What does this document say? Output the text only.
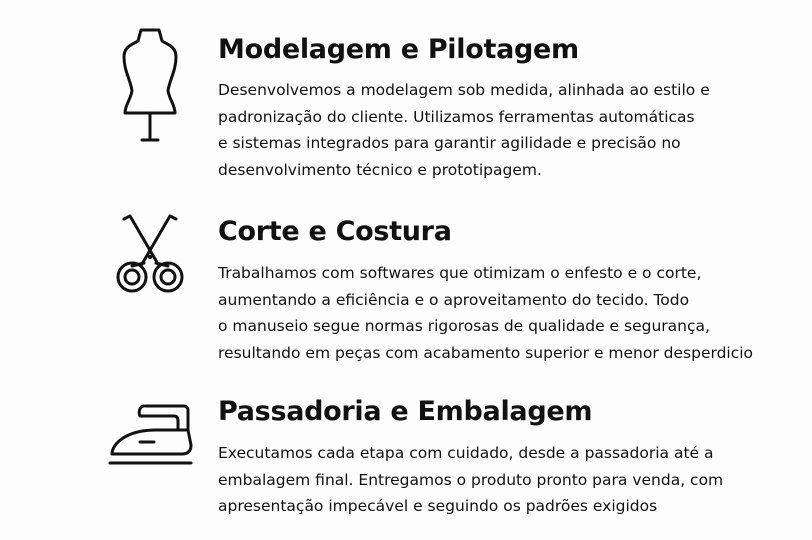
Modelagem e Pilotagem
Desenvolvemos a modelagem sob medida, alinhada ao estilo e
padronização do cliente. Utilizamos ferramentas automáticas
e sistemas integrados para garantir agilidade e precisão no
desenvolvimento técnico e prototipagem.
Corte e Costura
Trabalhamos com softwares que otimizam o enfesto e o corte,
aumentando a eficiência e o aproveitamento do tecido. Todo
o manuseio segue normas rigorosas de qualidade e segurança,
resultando em peças com acabamento superior e menor desperdicio
Passadoria e Embalagem
Executamos cada etapa com cuidado, desde a passadoria até a
embalagem final. Entregamos o produto pronto para venda, com
apresentação impecável e seguindo os padrões exigidos
